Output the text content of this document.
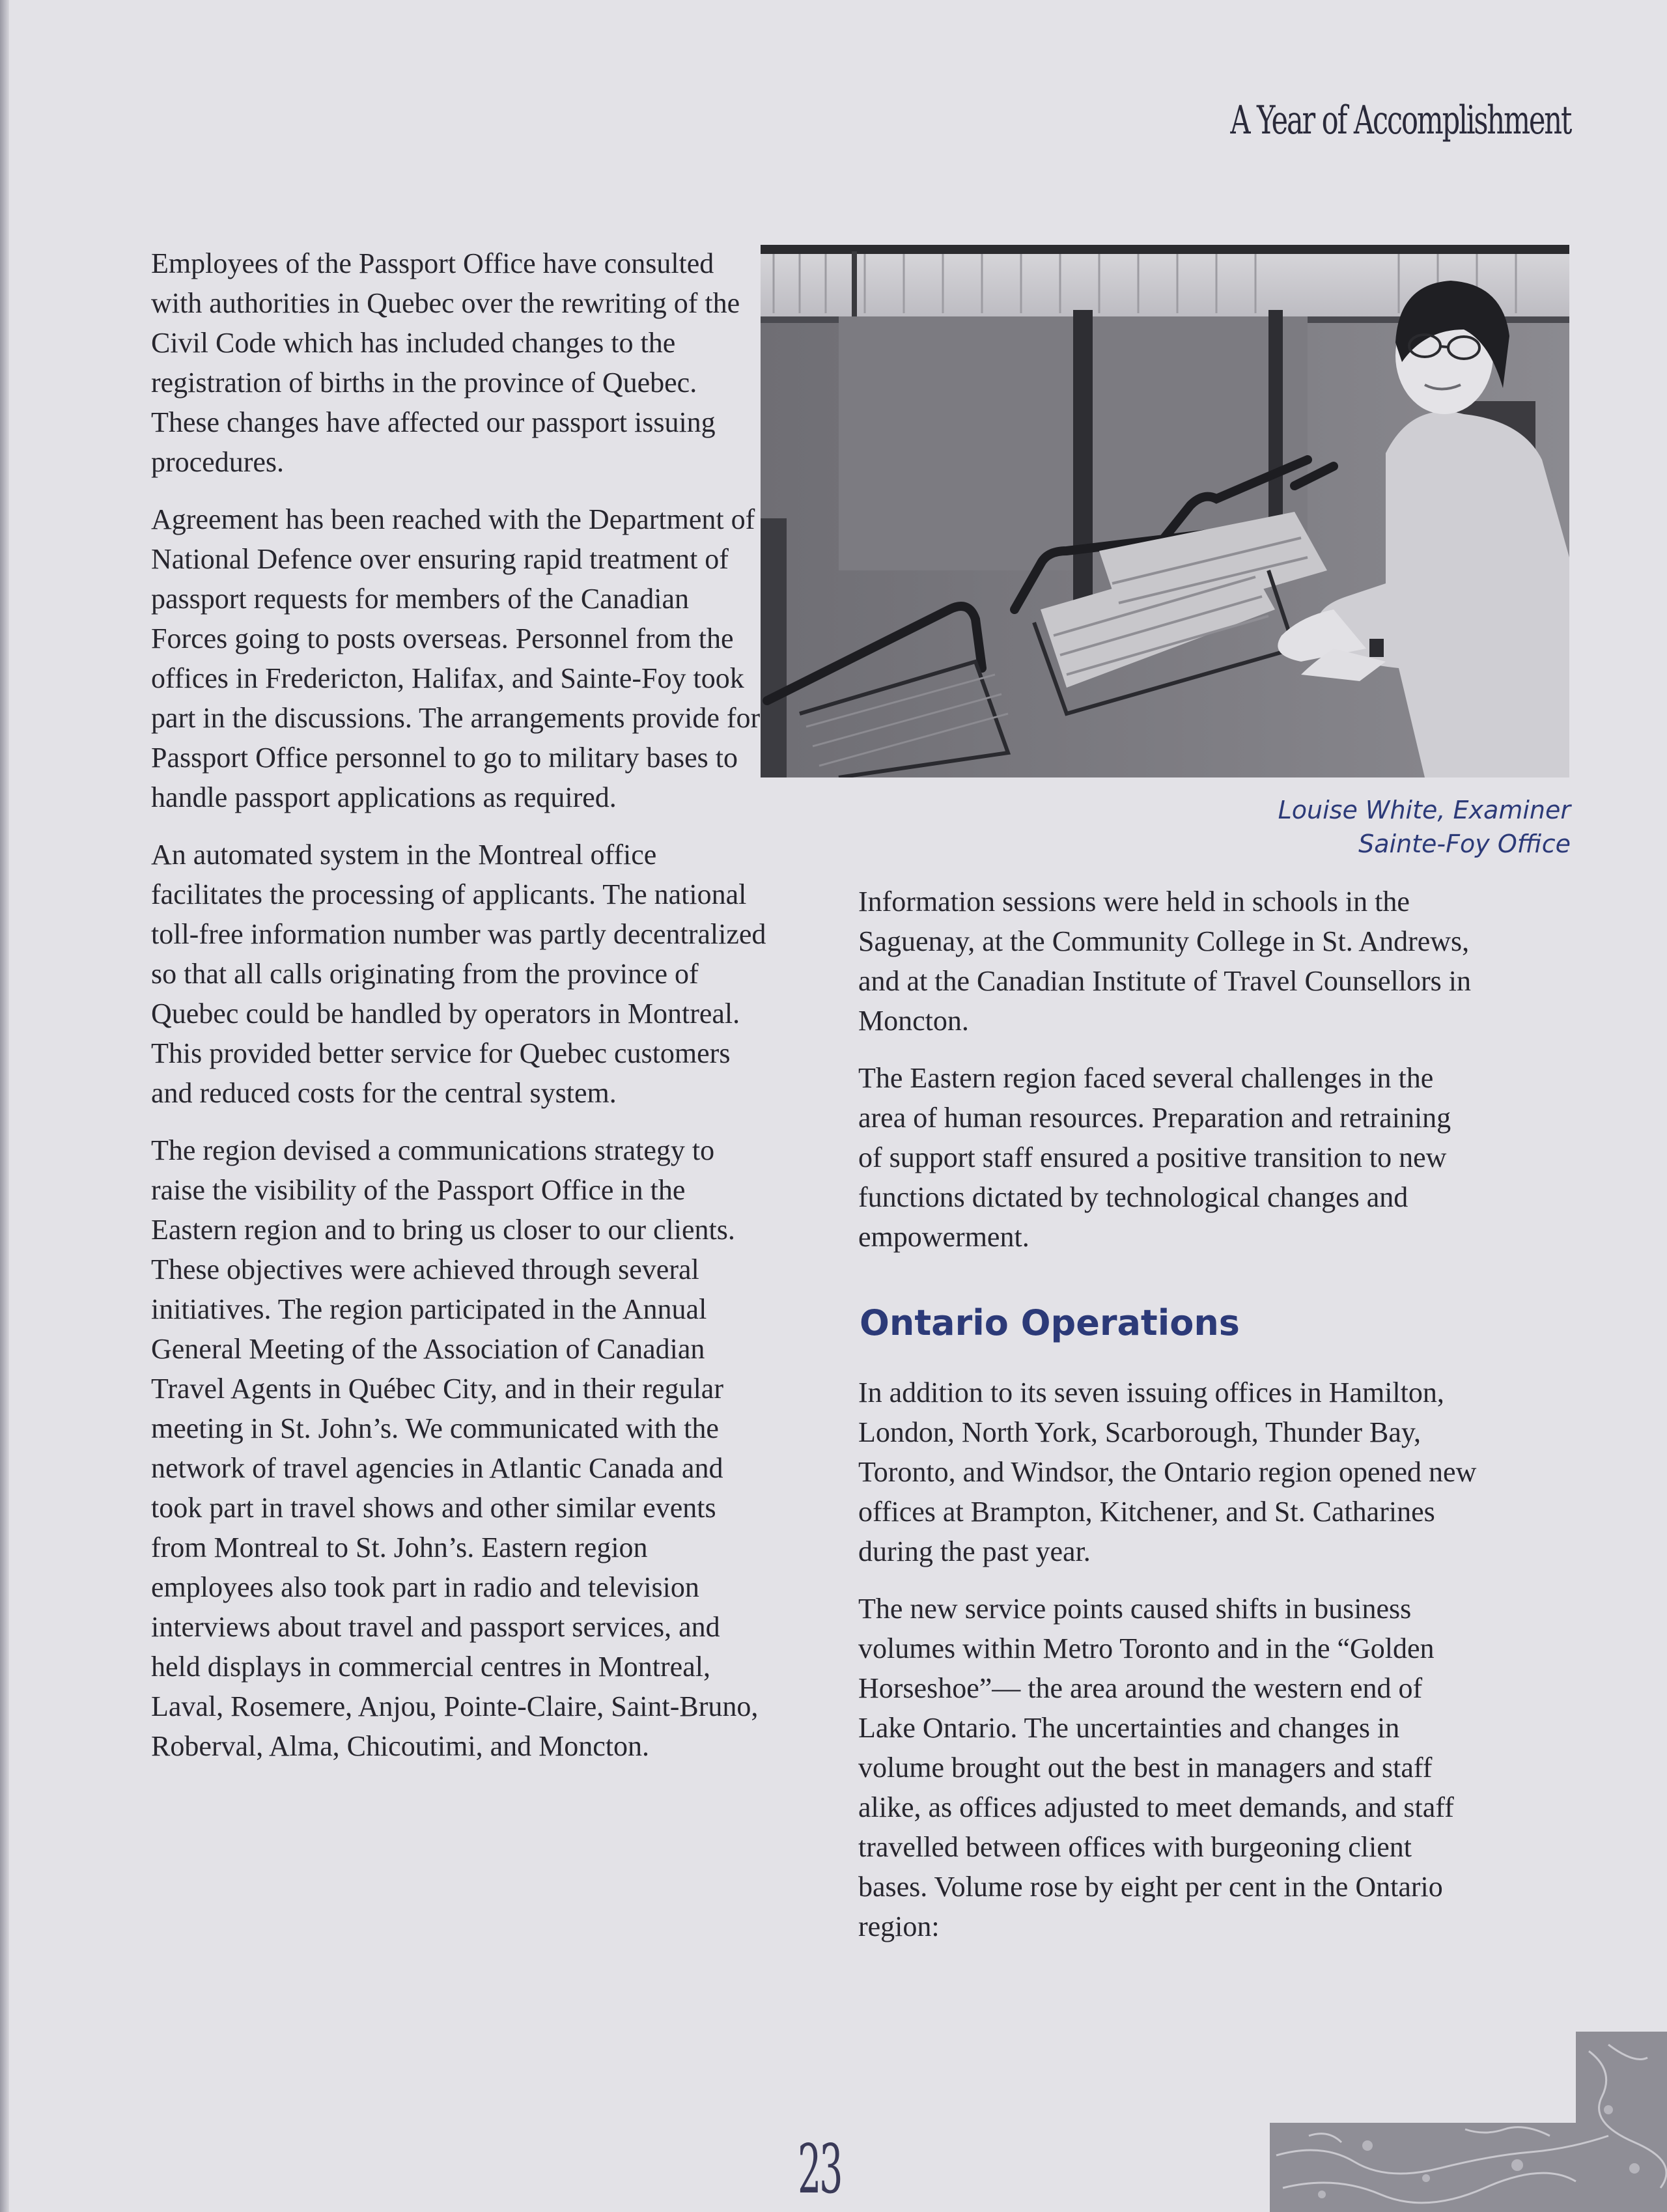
A Year of Accomplishment

Employees of the Passport Office have consulted with authorities in Quebec over the rewriting of the Civil Code which has included changes to the registration of births in the province of Quebec. These changes have affected our passport issuing procedures.

Agreement has been reached with the Department of National Defence over ensuring rapid treatment of passport requests for members of the Canadian Forces going to posts overseas. Personnel from the offices in Fredericton, Halifax, and Sainte-Foy took part in the discussions. The arrangements provide for Passport Office personnel to go to military bases to handle passport applications as required.

An automated system in the Montreal office facilitates the processing of applicants. The national toll-free information number was partly decentralized so that all calls originating from the province of Quebec could be handled by operators in Montreal. This provided better service for Quebec customers and reduced costs for the central system.

The region devised a communications strategy to raise the visibility of the Passport Office in the Eastern region and to bring us closer to our clients. These objectives were achieved through several initiatives. The region participated in the Annual General Meeting of the Association of Canadian Travel Agents in Québec City, and in their regular meeting in St. John’s. We communicated with the network of travel agencies in Atlantic Canada and took part in travel shows and other similar events from Montreal to St. John’s. Eastern region employees also took part in radio and television interviews about travel and passport services, and held displays in commercial centres in Montreal, Laval, Rosemere, Anjou, Pointe-Claire, Saint-Bruno, Roberval, Alma, Chicoutimi, and Moncton.

Louise White, Examiner
Sainte-Foy Office

Information sessions were held in schools in the Saguenay, at the Community College in St. Andrews, and at the Canadian Institute of Travel Counsellors in Moncton.

The Eastern region faced several challenges in the area of human resources. Preparation and retraining of support staff ensured a positive transition to new functions dictated by technological changes and empowerment.

Ontario Operations

In addition to its seven issuing offices in Hamilton, London, North York, Scarborough, Thunder Bay, Toronto, and Windsor, the Ontario region opened new offices at Brampton, Kitchener, and St. Catharines during the past year.

The new service points caused shifts in business volumes within Metro Toronto and in the “Golden Horseshoe”— the area around the western end of Lake Ontario. The uncertainties and changes in volume brought out the best in managers and staff alike, as offices adjusted to meet demands, and staff travelled between offices with burgeoning client bases. Volume rose by eight per cent in the Ontario region:

23
